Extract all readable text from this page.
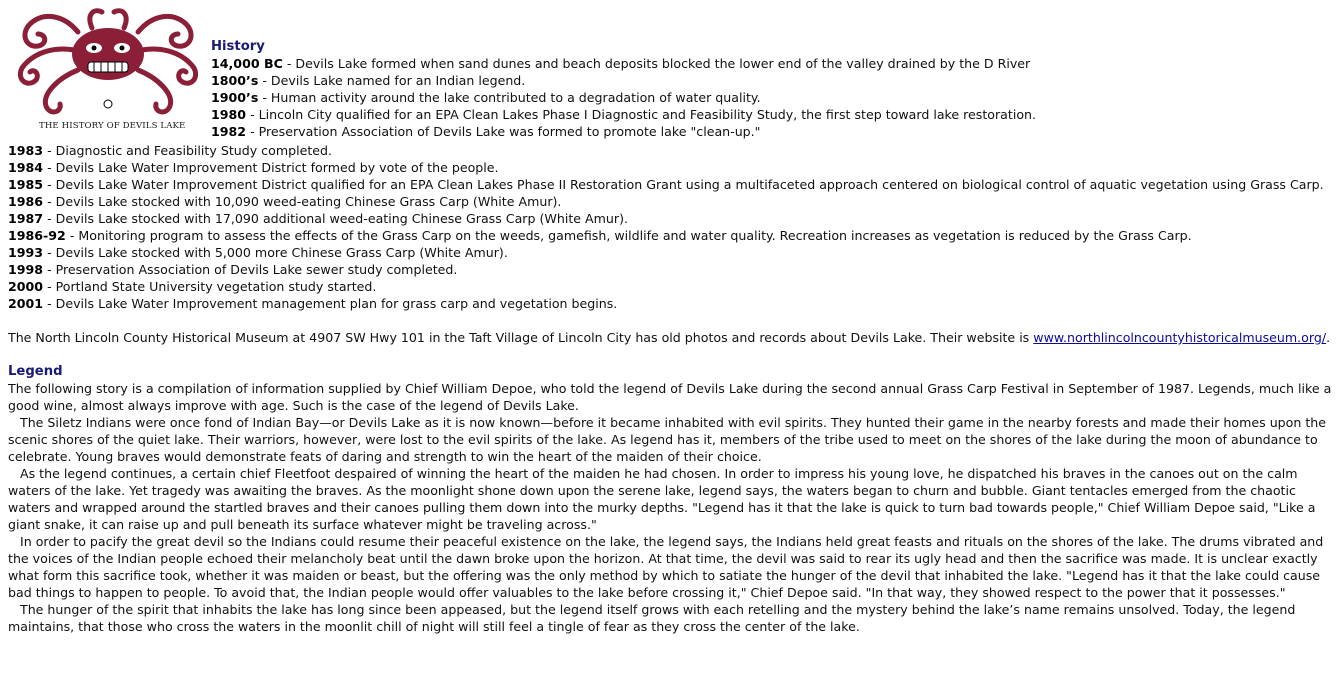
THE HISTORY OF DEVILS LAKE
History
14,000 BC - Devils Lake formed when sand dunes and beach deposits blocked the lower end of the valley drained by the D River
1800’s - Devils Lake named for an Indian legend.
1900’s - Human activity around the lake contributed to a degradation of water quality.
1980 - Lincoln City qualified for an EPA Clean Lakes Phase I Diagnostic and Feasibility Study, the first step toward lake restoration.
1982 - Preservation Association of Devils Lake was formed to promote lake "clean-up."
1983 - Diagnostic and Feasibility Study completed.
1984 - Devils Lake Water Improvement District formed by vote of the people.
1985 - Devils Lake Water Improvement District qualified for an EPA Clean Lakes Phase II Restoration Grant using a multifaceted approach centered on biological control of aquatic vegetation using Grass Carp.
1986 - Devils Lake stocked with 10,090 weed-eating Chinese Grass Carp (White Amur).
1987 - Devils Lake stocked with 17,090 additional weed-eating Chinese Grass Carp (White Amur).
1986-92 - Monitoring program to assess the effects of the Grass Carp on the weeds, gamefish, wildlife and water quality. Recreation increases as vegetation is reduced by the Grass Carp.
1993 - Devils Lake stocked with 5,000 more Chinese Grass Carp (White Amur).
1998 - Preservation Association of Devils Lake sewer study completed.
2000 - Portland State University vegetation study started.
2001 - Devils Lake Water Improvement management plan for grass carp and vegetation begins.
The North Lincoln County Historical Museum at 4907 SW Hwy 101 in the Taft Village of Lincoln City has old photos and records about Devils Lake. Their website is www.northlincolncountyhistoricalmuseum.org/.
Legend

The following story is a compilation of information supplied by Chief William Depoe, who told the legend of Devils Lake during the second annual Grass Carp Festival in September of 1987. Legends, much like a good wine, almost always improve with age. Such is the case of the legend of Devils Lake.

The Siletz Indians were once fond of Indian Bay—or Devils Lake as it is now known—before it became inhabited with evil spirits. They hunted their game in the nearby forests and made their homes upon the scenic shores of the quiet lake. Their warriors, however, were lost to the evil spirits of the lake. As legend has it, members of the tribe used to meet on the shores of the lake during the moon of abundance to celebrate. Young braves would demonstrate feats of daring and strength to win the heart of the maiden of their choice.

As the legend continues, a certain chief Fleetfoot despaired of winning the heart of the maiden he had chosen. In order to impress his young love, he dispatched his braves in the canoes out on the calm waters of the lake. Yet tragedy was awaiting the braves. As the moonlight shone down upon the serene lake, legend says, the waters began to churn and bubble. Giant tentacles emerged from the chaotic waters and wrapped around the startled braves and their canoes pulling them down into the murky depths. "Legend has it that the lake is quick to turn bad towards people," Chief William Depoe said, "Like a giant snake, it can raise up and pull beneath its surface whatever might be traveling across."

In order to pacify the great devil so the Indians could resume their peaceful existence on the lake, the legend says, the Indians held great feasts and rituals on the shores of the lake. The drums vibrated and the voices of the Indian people echoed their melancholy beat until the dawn broke upon the horizon. At that time, the devil was said to rear its ugly head and then the sacrifice was made. It is unclear exactly what form this sacrifice took, whether it was maiden or beast, but the offering was the only method by which to satiate the hunger of the devil that inhabited the lake. "Legend has it that the lake could cause bad things to happen to people. To avoid that, the Indian people would offer valuables to the lake before crossing it," Chief Depoe said. "In that way, they showed respect to the power that it possesses."

The hunger of the spirit that inhabits the lake has long since been appeased, but the legend itself grows with each retelling and the mystery behind the lake’s name remains unsolved. Today, the legend maintains, that those who cross the waters in the moonlit chill of night will still feel a tingle of fear as they cross the center of the lake.
